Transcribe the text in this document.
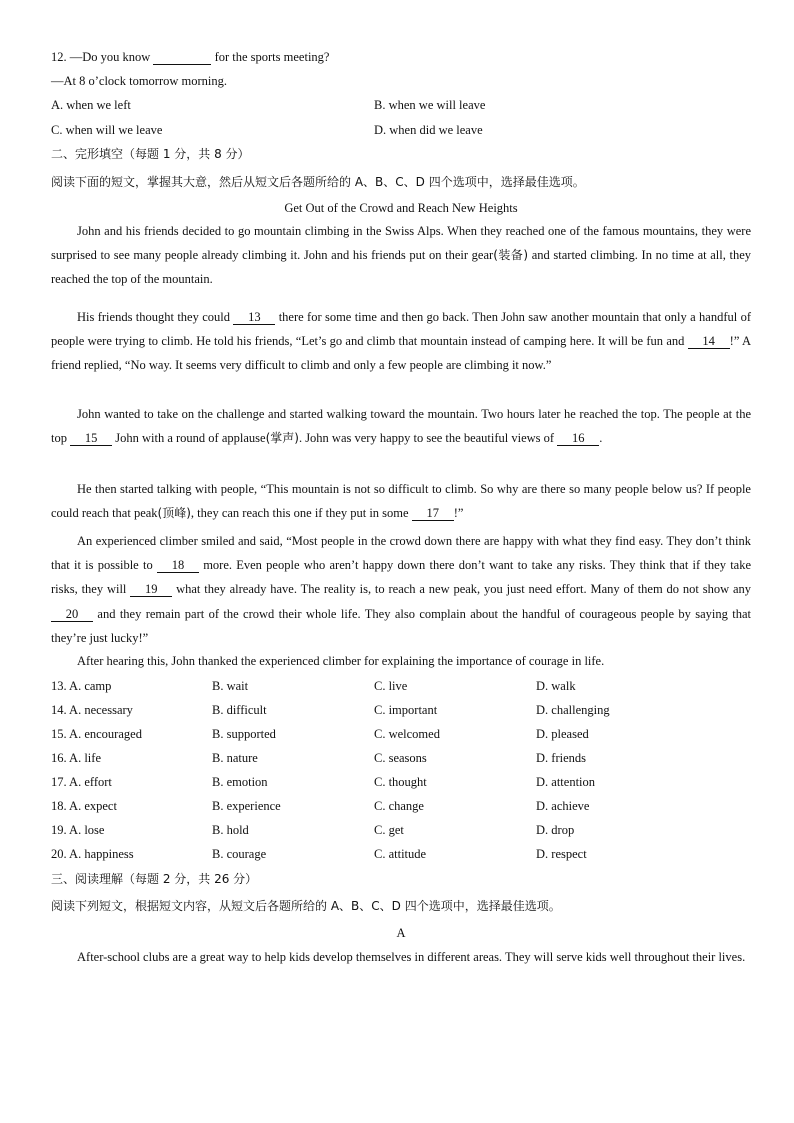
12. —Do you know	for the sports meeting?
—At 8 o’clock tomorrow morning.
A. when we left	B. when we will leave
C. when will we leave	D. when did we leave
二、完形填空（每题 1 分，共 8 分）
阅读下面的短文，掌握其大意，然后从短文后各题所给的 A、B、C、D 四个选项中，选择最佳选项。
Get Out of the Crowd and Reach New Heights
John and his friends decided to go mountain climbing in the Swiss Alps. When they reached one of the famous mountains, they were surprised to see many people already climbing it. John and his friends put on their gear(装备) and started climbing. In no time at all, they reached the top of the mountain.
His friends thought they could 13 there for some time and then go back. Then John saw another mountain that only a handful of people were trying to climb. He told his friends, “Let’s go and climb that mountain instead of camping here. It will be fun and 14 !” A friend replied, “No way. It seems very difficult to climb and only a few people are climbing it now.”
John wanted to take on the challenge and started walking toward the mountain. Two hours later he reached the top. The people at the top 15 John with a round of applause(掌声). John was very happy to see the beautiful views of 16 .
He then started talking with people, “This mountain is not so difficult to climb. So why are there so many people below us? If people could reach that peak(顶峰), they can reach this one if they put in some 17 !”
An experienced climber smiled and said, “Most people in the crowd down there are happy with what they find easy. They don’t think that it is possible to 18 more. Even people who aren’t happy down there don’t want to take any risks. They think that if they take risks, they will 19 what they already have. The reality is, to reach a new peak, you just need effort. Many of them do not show any 20 and they remain part of the crowd their whole life. They also complain about the handful of courageous people by saying that they’re just lucky!”
After hearing this, John thanked the experienced climber for explaining the importance of courage in life.
13. A. camp	B. wait	C. live	D. walk
14. A. necessary	B. difficult	C. important	D. challenging
15. A. encouraged	B. supported	C. welcomed	D. pleased
16. A. life	B. nature	C. seasons	D. friends
17. A. effort	B. emotion	C. thought	D. attention
18. A. expect	B. experience	C. change	D. achieve
19. A. lose	B. hold	C. get	D. drop
20. A. happiness	B. courage	C. attitude	D. respect
三、阅读理解（每题 2 分，共 26 分）
阅读下列短文，根据短文内容，从短文后各题所给的 A、B、C、D 四个选项中，选择最佳选项。
A
After-school clubs are a great way to help kids develop themselves in different areas. They will serve kids well throughout their lives.
